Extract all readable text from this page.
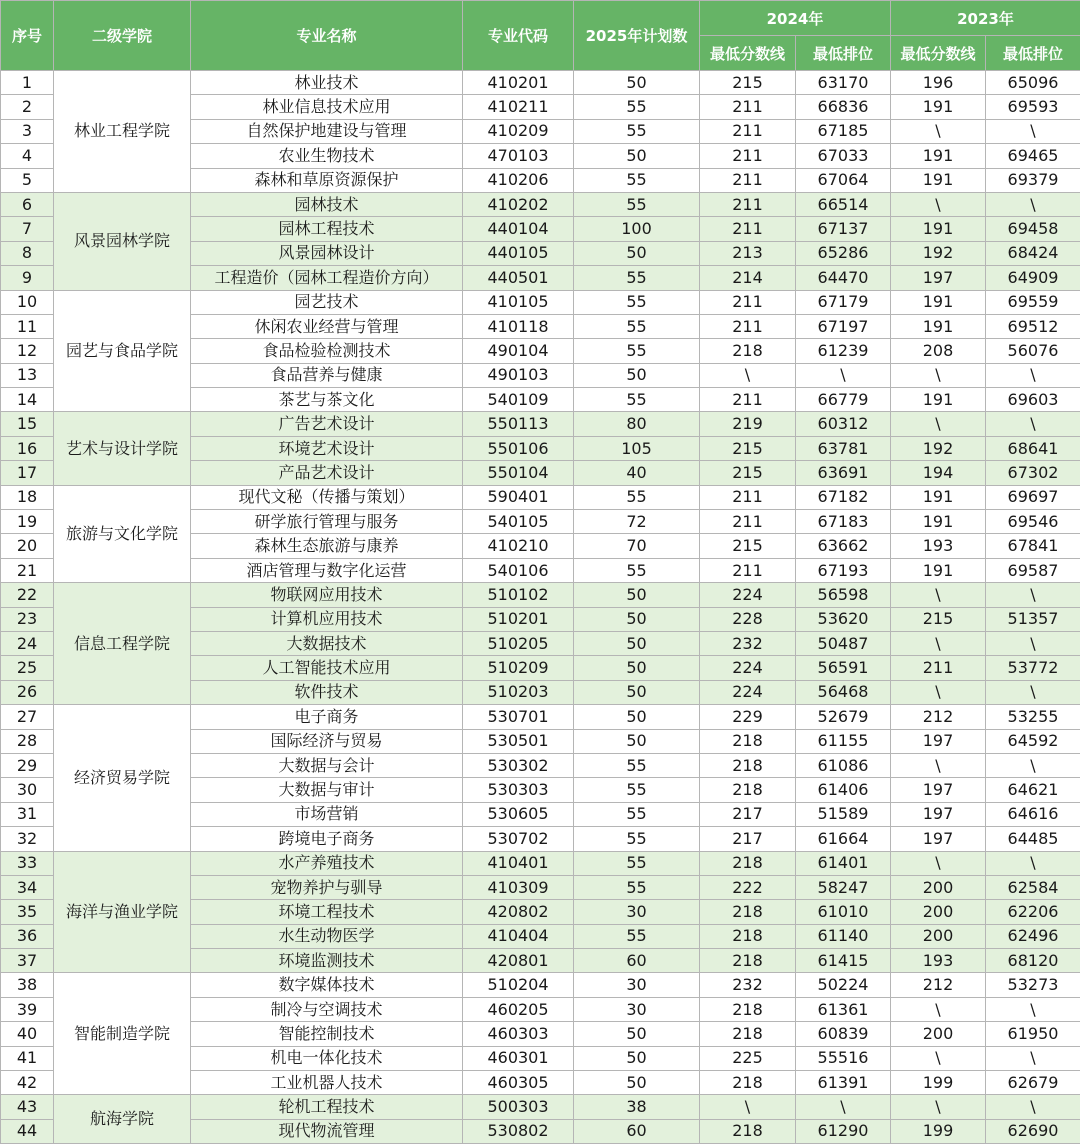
序号	二级学院	专业名称	专业代码	2025年计划数	2024年		2023年	
					最低分数线	最低排位	最低分数线	最低排位
1	林业工程学院	林业技术	410201	50	215	63170	196	65096
2		林业信息技术应用	410211	55	211	66836	191	69593
3		自然保护地建设与管理	410209	55	211	67185	\	\
4		农业生物技术	470103	50	211	67033	191	69465
5		森林和草原资源保护	410206	55	211	67064	191	69379
6	风景园林学院	园林技术	410202	55	211	66514	\	\
7		园林工程技术	440104	100	211	67137	191	69458
8		风景园林设计	440105	50	213	65286	192	68424
9		工程造价（园林工程造价方向）	440501	55	214	64470	197	64909
10	园艺与食品学院	园艺技术	410105	55	211	67179	191	69559
11		休闲农业经营与管理	410118	55	211	67197	191	69512
12		食品检验检测技术	490104	55	218	61239	208	56076
13		食品营养与健康	490103	50	\	\	\	\
14		茶艺与茶文化	540109	55	211	66779	191	69603
15	艺术与设计学院	广告艺术设计	550113	80	219	60312	\	\
16		环境艺术设计	550106	105	215	63781	192	68641
17		产品艺术设计	550104	40	215	63691	194	67302
18	旅游与文化学院	现代文秘（传播与策划）	590401	55	211	67182	191	69697
19		研学旅行管理与服务	540105	72	211	67183	191	69546
20		森林生态旅游与康养	410210	70	215	63662	193	67841
21		酒店管理与数字化运营	540106	55	211	67193	191	69587
22	信息工程学院	物联网应用技术	510102	50	224	56598	\	\
23		计算机应用技术	510201	50	228	53620	215	51357
24		大数据技术	510205	50	232	50487	\	\
25		人工智能技术应用	510209	50	224	56591	211	53772
26		软件技术	510203	50	224	56468	\	\
27	经济贸易学院	电子商务	530701	50	229	52679	212	53255
28		国际经济与贸易	530501	50	218	61155	197	64592
29		大数据与会计	530302	55	218	61086	\	\
30		大数据与审计	530303	55	218	61406	197	64621
31		市场营销	530605	55	217	51589	197	64616
32		跨境电子商务	530702	55	217	61664	197	64485
33	海洋与渔业学院	水产养殖技术	410401	55	218	61401	\	\
34		宠物养护与驯导	410309	55	222	58247	200	62584
35		环境工程技术	420802	30	218	61010	200	62206
36		水生动物医学	410404	55	218	61140	200	62496
37		环境监测技术	420801	60	218	61415	193	68120
38	智能制造学院	数字媒体技术	510204	30	232	50224	212	53273
39		制冷与空调技术	460205	30	218	61361	\	\
40		智能控制技术	460303	50	218	60839	200	61950
41		机电一体化技术	460301	50	225	55516	\	\
42		工业机器人技术	460305	50	218	61391	199	62679
43	航海学院	轮机工程技术	500303	38	\	\	\	\
44		现代物流管理	530802	60	218	61290	199	62690
